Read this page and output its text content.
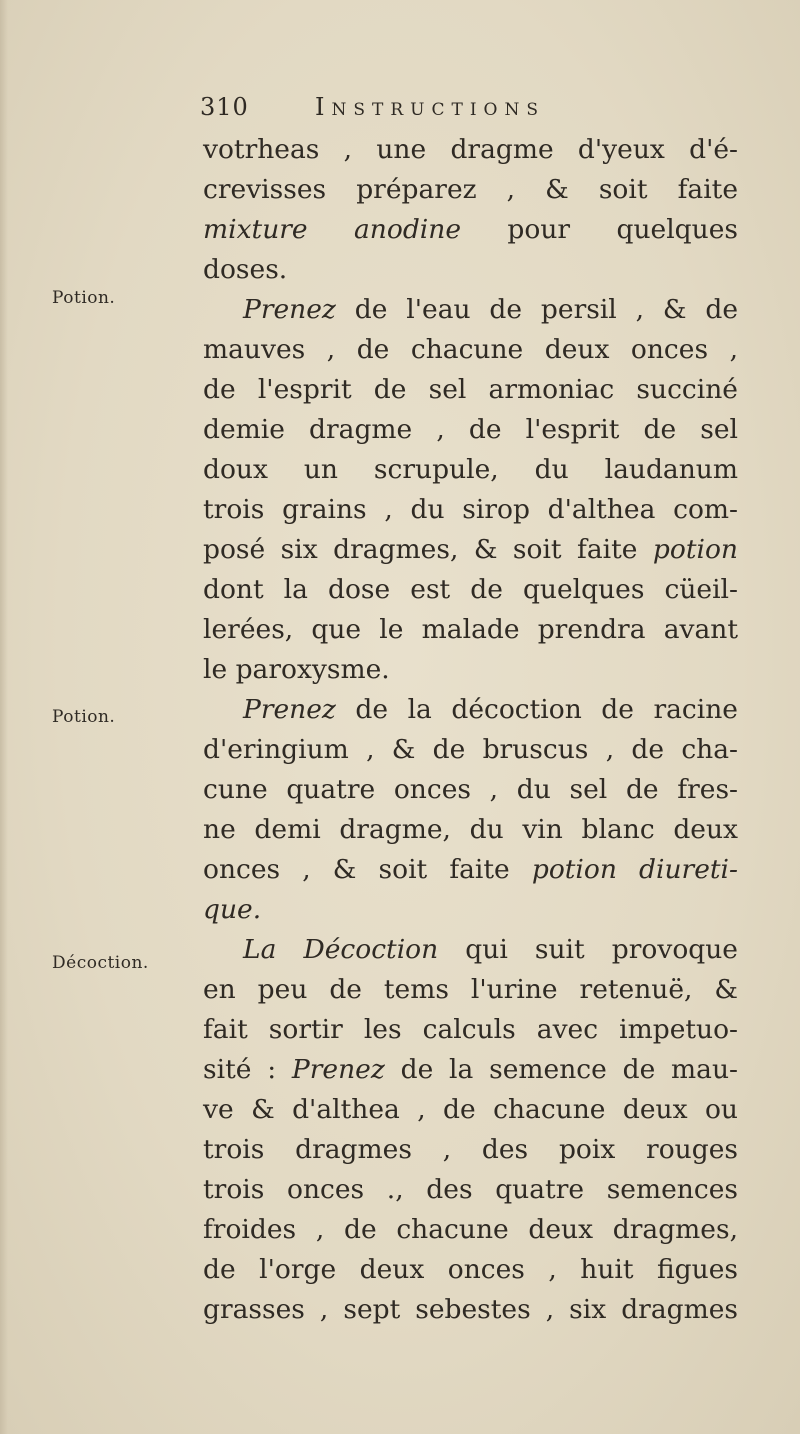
310	Instructions
Potion.
Potion.
Décoction.
votrheas , une dragme d'yeux d'é-
crevisses préparez , & soit faite
mixture anodine pour quelques
doses.
Prenez de l'eau de persil , & de
mauves , de chacune deux onces ,
de l'esprit de sel armoniac succiné
demie dragme , de l'esprit de sel
doux un scrupule, du laudanum
trois grains , du sirop d'althea com-
posé six dragmes, & soit faite potion
dont la dose est de quelques cüeil-
lerées, que le malade prendra avant
le paroxysme.
Prenez de la décoction de racine
d'eringium , & de bruscus , de cha-
cune quatre onces , du sel de fres-
ne demi dragme, du vin blanc deux
onces , & soit faite potion diureti-
que.
La Décoction qui suit provoque
en peu de tems l'urine retenuë, &
fait sortir les calculs avec impetuo-
sité : Prenez de la semence de mau-
ve & d'althea , de chacune deux ou
trois dragmes , des poix rouges
trois onces ., des quatre semences
froides , de chacune deux dragmes,
de l'orge deux onces , huit figues
grasses , sept sebestes , six dragmes
